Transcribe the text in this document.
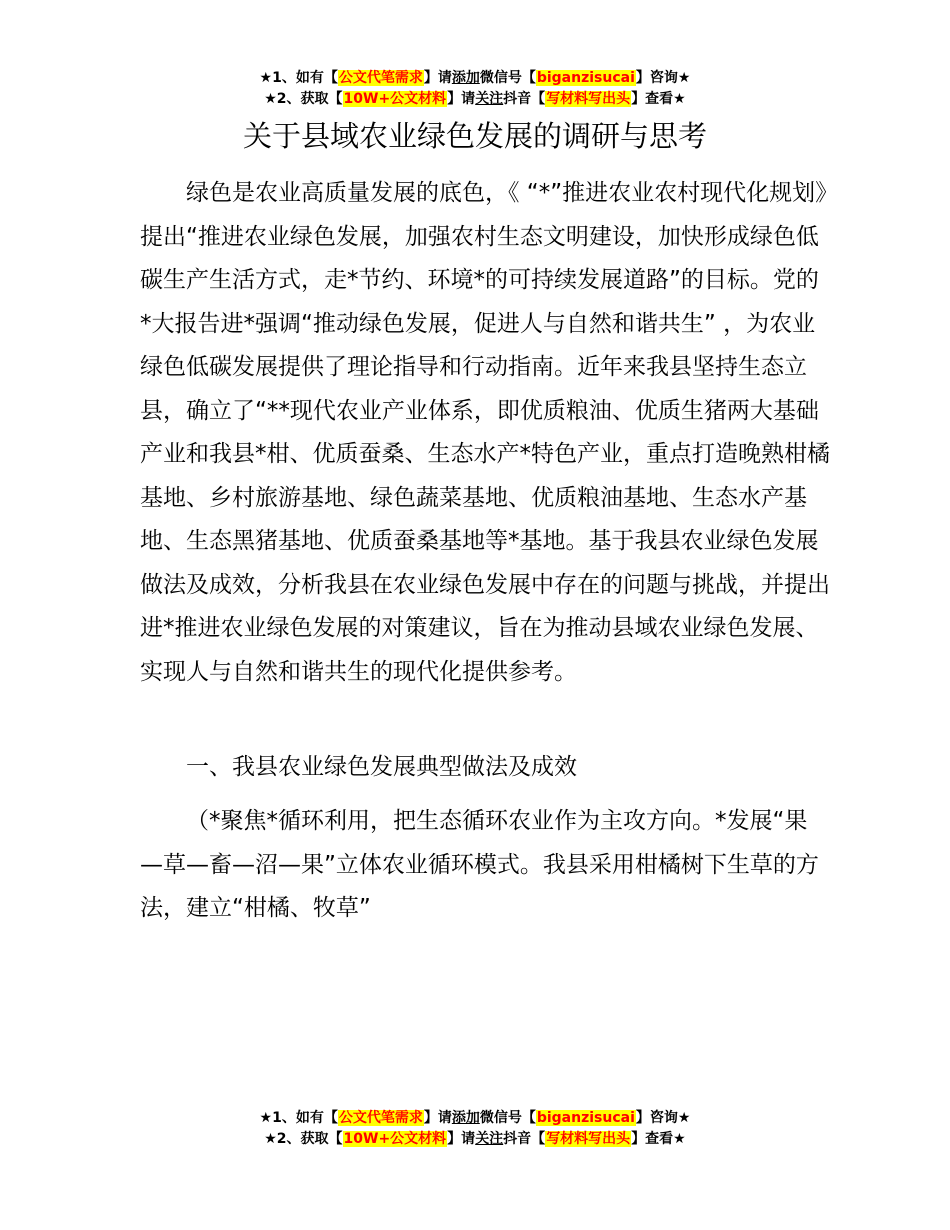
★1、如有【公文代笔需求】请添加微信号【biganzisucai】咨询★
★2、获取【10W+公文材料】请关注抖音【写材料写出头】查看★
关于县域农业绿色发展的调研与思考

绿色是农业高质量发展的底色，《 “*”推进农业农村现代化规划》提出“推进农业绿色发展，加强农村生态文明建设，加快形成绿色低碳生产生活方式，走*节约、环境*的可持续发展道路”的目标。党的*大报告进*强调“推动绿色发展，促进人与自然和谐共生” ，为农业绿色低碳发展提供了理论指导和行动指南。近年来我县坚持生态立县，确立了“**现代农业产业体系，即优质粮油、优质生猪两大基础产业和我县*柑、优质蚕桑、生态水产*特色产业，重点打造晚熟柑橘基地、乡村旅游基地、绿色蔬菜基地、优质粮油基地、生态水产基地、生态黑猪基地、优质蚕桑基地等*基地。基于我县农业绿色发展做法及成效，分析我县在农业绿色发展中存在的问题与挑战，并提出进*推进农业绿色发展的对策建议，旨在为推动县域农业绿色发展、实现人与自然和谐共生的现代化提供参考。

一、我县农业绿色发展典型做法及成效

（*聚焦*循环利用，把生态循环农业作为主攻方向。*发展“果—草—畜—沼—果”立体农业循环模式。我县采用柑橘树下生草的方法，建立“柑橘、牧草”

★1、如有【公文代笔需求】请添加微信号【biganzisucai】咨询★
★2、获取【10W+公文材料】请关注抖音【写材料写出头】查看★
